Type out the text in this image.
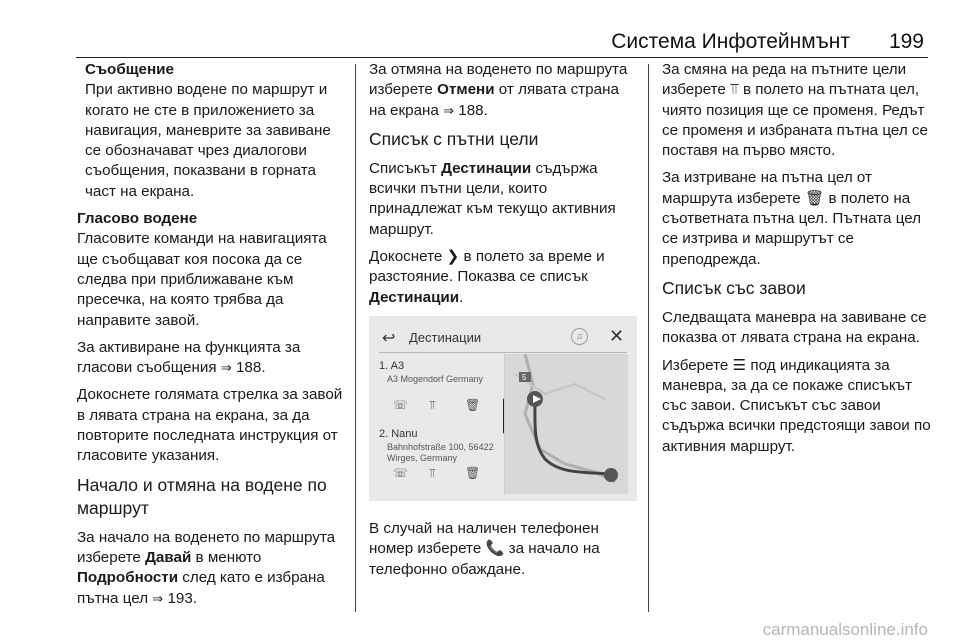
Система Инфотейнмънт 199

Съобщение

При активно водене по маршрут и когато не сте в приложението за навигация, маневрите за завиване се обозначават чрез диалогови съобщения, показвани в горната част на екрана.

Гласово водене

Гласовите команди на навигацията ще съобщават коя посока да се следва при приближаване към пресечка, на която трябва да направите завой.

За активиране на функцията за гласови съобщения ⇒ 188.

Докоснете голямата стрелка за завой в лявата страна на екрана, за да повторите последната инструкция от гласовите указания.

Начало и отмяна на водене по маршрут

За начало на воденето по маршрута изберете Давай в менюто Подробности след като е избрана пътна цел ⇒ 193.

За отмяна на воденето по маршрута изберете Отмени от лявата страна на екрана ⇒ 188.

Списък с пътни цели

Списъкът Дестинации съдържа всички пътни цели, които принадлежат към текущо активния маршрут.

Докоснете ❯ в полето за време и разстояние. Показва се списък Дестинации.

↩ Дестинации	♫ ✕
1. A3
A3 Mogendorf Germany
☏ ⫪ 🗑
2. Nanu
Bahnhofstraße 100, 56422
Wirges, Germany
☏ ⫪ 🗑
5

В случай на наличен телефонен номер изберете 📞 за начало на телефонно обаждане.

За смяна на реда на пътните цели изберете ⫪ в полето на пътната цел, чиято позиция ще се променя. Редът се променя и избраната пътна цел се поставя на първо място.

За изтриване на пътна цел от маршрута изберете 🗑 в полето на съответната пътна цел. Пътната цел се изтрива и маршрутът се преподрежда.

Списък със завои

Следващата маневра на завиване се показва от лявата страна на екрана.

Изберете ☰ под индикацията за маневра, за да се покаже списъкът със завои. Списъкът със завои съдържа всички предстоящи завои по активния маршрут.

carmanualsonline.info
